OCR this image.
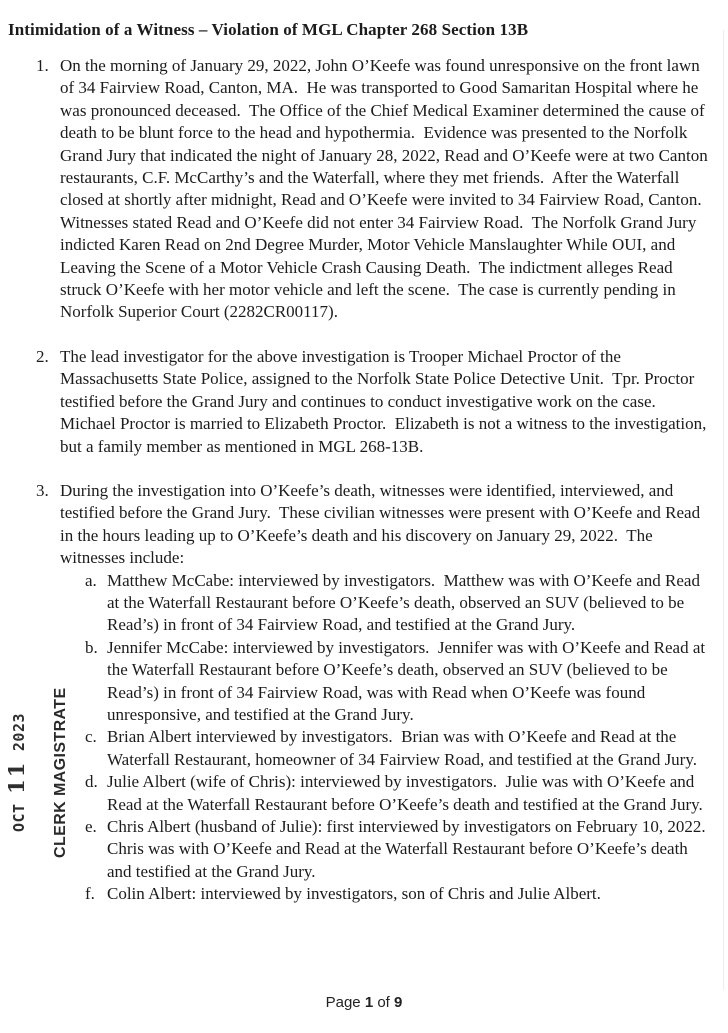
Intimidation of a Witness – Violation of MGL Chapter 268 Section 13B
1. On the morning of January 29, 2022, John O’Keefe was found unresponsive on the front lawn of 34 Fairview Road, Canton, MA.  He was transported to Good Samaritan Hospital where he was pronounced deceased.  The Office of the Chief Medical Examiner determined the cause of death to be blunt force to the head and hypothermia.  Evidence was presented to the Norfolk Grand Jury that indicated the night of January 28, 2022, Read and O’Keefe were at two Canton restaurants, C.F. McCarthy’s and the Waterfall, where they met friends.  After the Waterfall closed at shortly after midnight, Read and O’Keefe were invited to 34 Fairview Road, Canton.  Witnesses stated Read and O’Keefe did not enter 34 Fairview Road.  The Norfolk Grand Jury indicted Karen Read on 2nd Degree Murder, Motor Vehicle Manslaughter While OUI, and Leaving the Scene of a Motor Vehicle Crash Causing Death.  The indictment alleges Read struck O’Keefe with her motor vehicle and left the scene.  The case is currently pending in Norfolk Superior Court (2282CR00117).
2. The lead investigator for the above investigation is Trooper Michael Proctor of the Massachusetts State Police, assigned to the Norfolk State Police Detective Unit.  Tpr. Proctor testified before the Grand Jury and continues to conduct investigative work on the case.  Michael Proctor is married to Elizabeth Proctor.  Elizabeth is not a witness to the investigation, but a family member as mentioned in MGL 268-13B.
3. During the investigation into O’Keefe’s death, witnesses were identified, interviewed, and testified before the Grand Jury.  These civilian witnesses were present with O’Keefe and Read in the hours leading up to O’Keefe’s death and his discovery on January 29, 2022.  The witnesses include:
a. Matthew McCabe: interviewed by investigators.  Matthew was with O’Keefe and Read at the Waterfall Restaurant before O’Keefe’s death, observed an SUV (believed to be Read’s) in front of 34 Fairview Road, and testified at the Grand Jury.
b. Jennifer McCabe: interviewed by investigators.  Jennifer was with O’Keefe and Read at the Waterfall Restaurant before O’Keefe’s death, observed an SUV (believed to be Read’s) in front of 34 Fairview Road, was with Read when O’Keefe was found unresponsive, and testified at the Grand Jury.
c. Brian Albert interviewed by investigators.  Brian was with O’Keefe and Read at the Waterfall Restaurant, homeowner of 34 Fairview Road, and testified at the Grand Jury.
d. Julie Albert (wife of Chris): interviewed by investigators.  Julie was with O’Keefe and Read at the Waterfall Restaurant before O’Keefe’s death and testified at the Grand Jury.
e. Chris Albert (husband of Julie): first interviewed by investigators on February 10, 2022.  Chris was with O’Keefe and Read at the Waterfall Restaurant before O’Keefe’s death and testified at the Grand Jury.
f. Colin Albert: interviewed by investigators, son of Chris and Julie Albert.
CLERK MAGISTRATE
OCT 11 2023
Page 1 of 9
